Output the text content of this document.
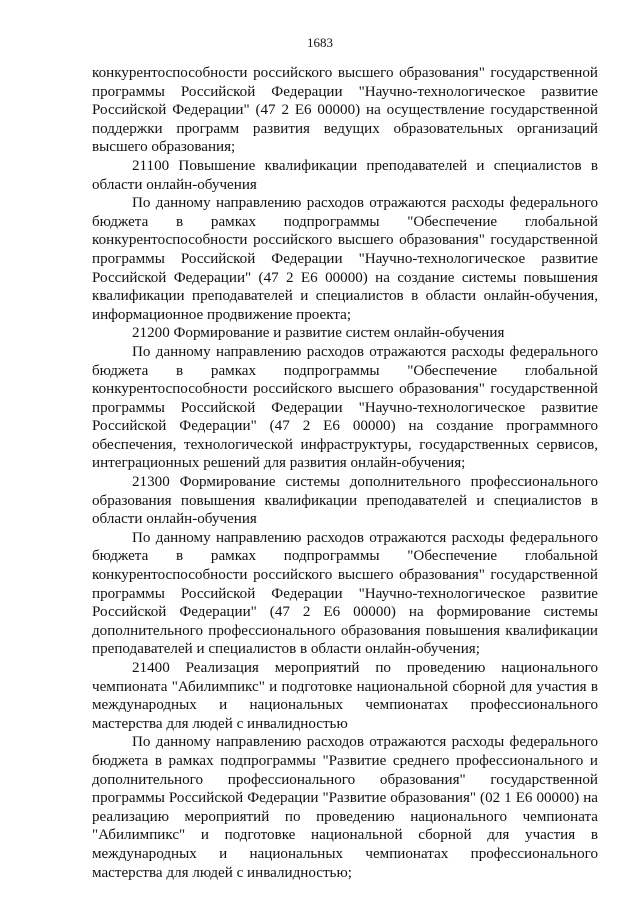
1683

конкурентоспособности российского высшего образования" государственной программы Российской Федерации "Научно-технологическое развитие Российской Федерации" (47 2 Е6 00000) на осуществление государственной поддержки программ развития ведущих образовательных организаций высшего образования;

21100 Повышение квалификации преподавателей и специалистов в области онлайн-обучения

По данному направлению расходов отражаются расходы федерального бюджета в рамках подпрограммы "Обеспечение глобальной конкурентоспособности российского высшего образования" государственной программы Российской Федерации "Научно-технологическое развитие Российской Федерации" (47 2 Е6 00000) на создание системы повышения квалификации преподавателей и специалистов в области онлайн-обучения, информационное продвижение проекта;

21200 Формирование и развитие систем онлайн-обучения

По данному направлению расходов отражаются расходы федерального бюджета в рамках подпрограммы "Обеспечение глобальной конкурентоспособности российского высшего образования" государственной программы Российской Федерации "Научно-технологическое развитие Российской Федерации" (47 2 Е6 00000) на создание программного обеспечения, технологической инфраструктуры, государственных сервисов, интеграционных решений для развития онлайн-обучения;

21300 Формирование системы дополнительного профессионального образования повышения квалификации преподавателей и специалистов в области онлайн-обучения

По данному направлению расходов отражаются расходы федерального бюджета в рамках подпрограммы "Обеспечение глобальной конкурентоспособности российского высшего образования" государственной программы Российской Федерации "Научно-технологическое развитие Российской Федерации" (47 2 Е6 00000) на формирование системы дополнительного профессионального образования повышения квалификации преподавателей и специалистов в области онлайн-обучения;

21400 Реализация мероприятий по проведению национального чемпионата "Абилимпикс" и подготовке национальной сборной для участия в международных и национальных чемпионатах профессионального мастерства для людей с инвалидностью

По данному направлению расходов отражаются расходы федерального бюджета в рамках подпрограммы "Развитие среднего профессионального и дополнительного профессионального образования" государственной программы Российской Федерации "Развитие образования" (02 1 Е6 00000) на реализацию мероприятий по проведению национального чемпионата "Абилимпикс" и подготовке национальной сборной для участия в международных и национальных чемпионатах профессионального мастерства для людей с инвалидностью;
